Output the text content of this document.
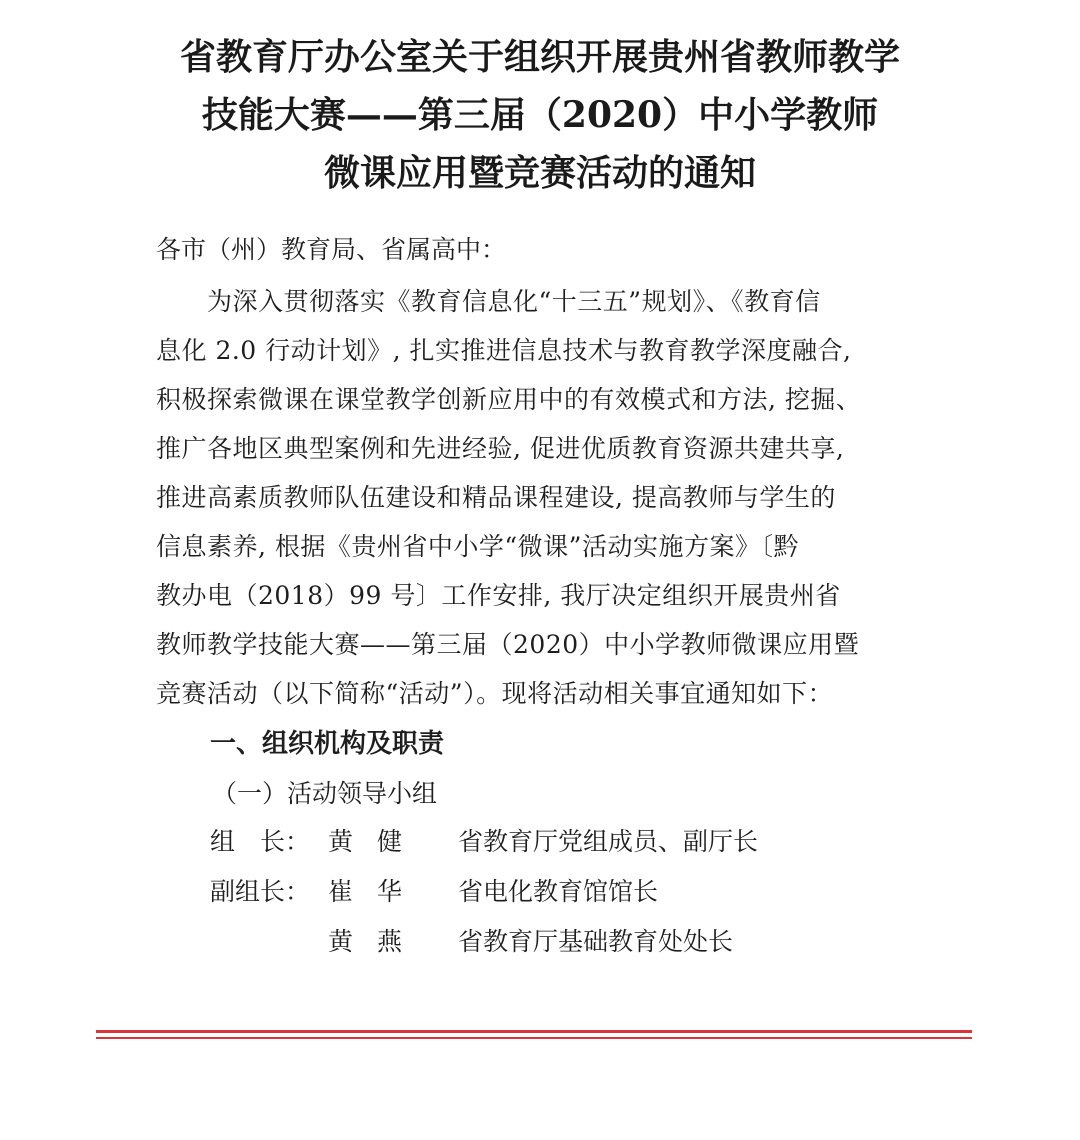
省教育厅办公室关于组织开展贵州省教师教学
技能大赛——第三届（2020）中小学教师
微课应用暨竞赛活动的通知
各市（州）教育局、省属高中：
　　为深入贯彻落实《教育信息化“十三五”规划》、《教育信
息化 2.0 行动计划》, 扎实推进信息技术与教育教学深度融合,
积极探索微课在课堂教学创新应用中的有效模式和方法, 挖掘、
推广各地区典型案例和先进经验, 促进优质教育资源共建共享,
推进高素质教师队伍建设和精品课程建设, 提高教师与学生的
信息素养, 根据《贵州省中小学“微课”活动实施方案》〔黔
教办电（2018）99 号〕工作安排, 我厅决定组织开展贵州省
教师教学技能大赛——第三届（2020）中小学教师微课应用暨
竞赛活动（以下简称“活动”）。现将活动相关事宜通知如下：
一、组织机构及职责
（一）活动领导小组
组　长： 黄健 省教育厅党组成员、副厅长
副组长： 崔华 省电化教育馆馆长
黄燕 省教育厅基础教育处处长
